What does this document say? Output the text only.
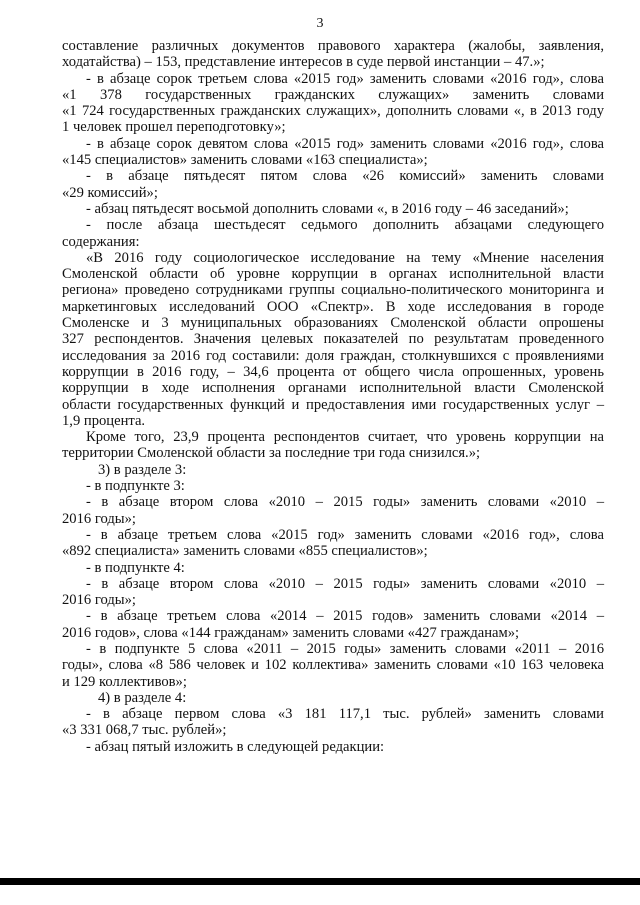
3
составление различных документов правового характера (жалобы, заявления,
ходатайства) – 153, представление интересов в суде первой инстанции – 47.»;
- в абзаце сорок третьем слова «2015 год» заменить словами «2016 год», слова
«1 378 государственных гражданских служащих» заменить словами
«1 724 государственных гражданских служащих», дополнить словами «, в 2013 году
1 человек прошел переподготовку»;
- в абзаце сорок девятом слова «2015 год» заменить словами «2016 год», слова
«145 специалистов» заменить словами «163 специалиста»;
- в абзаце пятьдесят пятом слова «26 комиссий» заменить словами
«29 комиссий»;
- абзац пятьдесят восьмой дополнить словами «, в 2016 году – 46 заседаний»;
- после абзаца шестьдесят седьмого дополнить абзацами следующего
содержания:
«В 2016 году социологическое исследование на тему «Мнение населения
Смоленской области об уровне коррупции в органах исполнительной власти
региона» проведено сотрудниками группы социально-политического мониторинга и
маркетинговых исследований ООО «Спектр». В ходе исследования в городе
Смоленске и 3 муниципальных образованиях Смоленской области опрошены
327 респондентов. Значения целевых показателей по результатам проведенного
исследования за 2016 год составили: доля граждан, столкнувшихся с проявлениями
коррупции в 2016 году, – 34,6 процента от общего числа опрошенных, уровень
коррупции в ходе исполнения органами исполнительной власти Смоленской
области государственных функций и предоставления ими государственных услуг –
1,9 процента.
Кроме того, 23,9 процента респондентов считает, что уровень коррупции на
территории Смоленской области за последние три года снизился.»;
3) в разделе 3:
- в подпункте 3:
- в абзаце втором слова «2010 – 2015 годы» заменить словами «2010 –
2016 годы»;
- в абзаце третьем слова «2015 год» заменить словами «2016 год», слова
«892 специалиста» заменить словами «855 специалистов»;
- в подпункте 4:
- в абзаце втором слова «2010 – 2015 годы» заменить словами «2010 –
2016 годы»;
- в абзаце третьем слова «2014 – 2015 годов» заменить словами «2014 –
2016 годов», слова «144 гражданам» заменить словами «427 гражданам»;
- в подпункте 5 слова «2011 – 2015 годы» заменить словами «2011 – 2016
годы», слова «8 586 человек и 102 коллектива» заменить словами «10 163 человека
и 129 коллективов»;
4) в разделе 4:
- в абзаце первом слова «3 181 117,1 тыс. рублей» заменить словами
«3 331 068,7 тыс. рублей»;
- абзац пятый изложить в следующей редакции:
